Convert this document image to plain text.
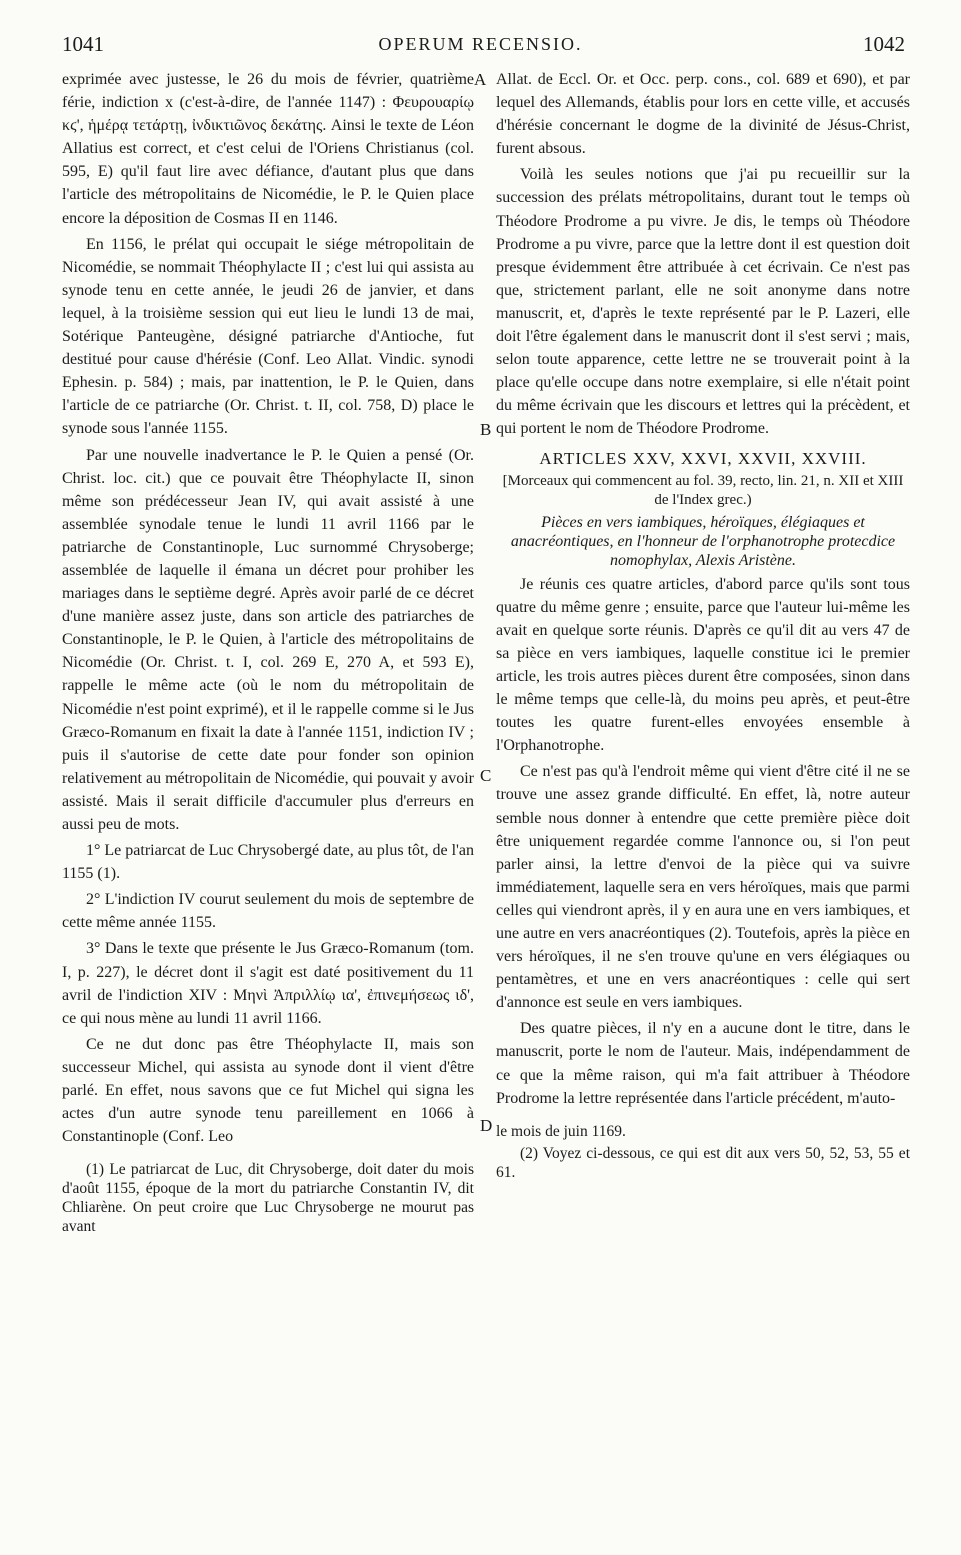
1041	OPERUM RECENSIO.	1042
A
B
C
D

exprimée avec justesse, le 26 du mois de février, quatrième férie, indiction x (c'est-à-dire, de l'année 1147) : Φευρουαρίῳ κϛ', ἡμέρᾳ τετάρτῃ, ἰνδικτιῶνος δεκάτης. Ainsi le texte de Léon Allatius est correct, et c'est celui de l'Oriens Christianus (col. 595, E) qu'il faut lire avec défiance, d'autant plus que dans l'article des métropolitains de Nicomédie, le P. le Quien place encore la déposition de Cosmas II en 1146.

En 1156, le prélat qui occupait le siége métropolitain de Nicomédie, se nommait Théophylacte II ; c'est lui qui assista au synode tenu en cette année, le jeudi 26 de janvier, et dans lequel, à la troisième session qui eut lieu le lundi 13 de mai, Sotérique Panteugène, désigné patriarche d'Antioche, fut destitué pour cause d'hérésie (Conf. Leo Allat. Vindic. synodi Ephesin. p. 584) ; mais, par inattention, le P. le Quien, dans l'article de ce patriarche (Or. Christ. t. II, col. 758, D) place le synode sous l'année 1155.

Par une nouvelle inadvertance le P. le Quien a pensé (Or. Christ. loc. cit.) que ce pouvait être Théophylacte II, sinon même son prédécesseur Jean IV, qui avait assisté à une assemblée synodale tenue le lundi 11 avril 1166 par le patriarche de Constantinople, Luc surnommé Chrysoberge; assemblée de laquelle il émana un décret pour prohiber les mariages dans le septième degré. Après avoir parlé de ce décret d'une manière assez juste, dans son article des patriarches de Constantinople, le P. le Quien, à l'article des métropolitains de Nicomédie (Or. Christ. t. I, col. 269 E, 270 A, et 593 E), rappelle le même acte (où le nom du métropolitain de Nicomédie n'est point exprimé), et il le rappelle comme si le Jus Græco-Romanum en fixait la date à l'année 1151, indiction IV ; puis il s'autorise de cette date pour fonder son opinion relativement au métropolitain de Nicomédie, qui pouvait y avoir assisté. Mais il serait difficile d'accumuler plus d'erreurs en aussi peu de mots.

1° Le patriarcat de Luc Chrysobergé date, au plus tôt, de l'an 1155 (1).

2° L'indiction IV courut seulement du mois de septembre de cette même année 1155.

3° Dans le texte que présente le Jus Græco-Romanum (tom. I, p. 227), le décret dont il s'agit est daté positivement du 11 avril de l'indiction XIV : Μηνὶ Ἀπριλλίῳ ια', ἐπινεμήσεως ιδ', ce qui nous mène au lundi 11 avril 1166.

Ce ne dut donc pas être Théophylacte II, mais son successeur Michel, qui assista au synode dont il vient d'être parlé. En effet, nous savons que ce fut Michel qui signa les actes d'un autre synode tenu pareillement en 1066 à Constantinople (Conf. Leo

(1) Le patriarcat de Luc, dit Chrysoberge, doit dater du mois d'août 1155, époque de la mort du patriarche Constantin IV, dit Chliarène. On peut croire que Luc Chrysoberge ne mourut pas avant

Allat. de Eccl. Or. et Occ. perp. cons., col. 689 et 690), et par lequel des Allemands, établis pour lors en cette ville, et accusés d'hérésie concernant le dogme de la divinité de Jésus-Christ, furent absous.

Voilà les seules notions que j'ai pu recueillir sur la succession des prélats métropolitains, durant tout le temps où Théodore Prodrome a pu vivre. Je dis, le temps où Théodore Prodrome a pu vivre, parce que la lettre dont il est question doit presque évidemment être attribuée à cet écrivain. Ce n'est pas que, strictement parlant, elle ne soit anonyme dans notre manuscrit, et, d'après le texte représenté par le P. Lazeri, elle doit l'être également dans le manuscrit dont il s'est servi ; mais, selon toute apparence, cette lettre ne se trouverait point à la place qu'elle occupe dans notre exemplaire, si elle n'était point du même écrivain que les discours et lettres qui la précèdent, et qui portent le nom de Théodore Prodrome.

ARTICLES XXV, XXVI, XXVII, XXVIII.

[Morceaux qui commencent au fol. 39, recto, lin. 21, n. XII et XIII de l'Index grec.)

Pièces en vers iambiques, héroïques, élégiaques et anacréontiques, en l'honneur de l'orphanotrophe protecdice nomophylax, Alexis Aristène.

Je réunis ces quatre articles, d'abord parce qu'ils sont tous quatre du même genre ; ensuite, parce que l'auteur lui-même les avait en quelque sorte réunis. D'après ce qu'il dit au vers 47 de sa pièce en vers iambiques, laquelle constitue ici le premier article, les trois autres pièces durent être composées, sinon dans le même temps que celle-là, du moins peu après, et peut-être toutes les quatre furent-elles envoyées ensemble à l'Orphanotrophe.

Ce n'est pas qu'à l'endroit même qui vient d'être cité il ne se trouve une assez grande difficulté. En effet, là, notre auteur semble nous donner à entendre que cette première pièce doit être uniquement regardée comme l'annonce ou, si l'on peut parler ainsi, la lettre d'envoi de la pièce qui va suivre immédiatement, laquelle sera en vers héroïques, mais que parmi celles qui viendront après, il y en aura une en vers iambiques, et une autre en vers anacréontiques (2). Toutefois, après la pièce en vers héroïques, il ne s'en trouve qu'une en vers élégiaques ou pentamètres, et une en vers anacréontiques : celle qui sert d'annonce est seule en vers iambiques.

Des quatre pièces, il n'y en a aucune dont le titre, dans le manuscrit, porte le nom de l'auteur. Mais, indépendamment de ce que la même raison, qui m'a fait attribuer à Théodore Prodrome la lettre représentée dans l'article précédent, m'auto-

le mois de juin 1169.

(2) Voyez ci-dessous, ce qui est dit aux vers 50, 52, 53, 55 et 61.
